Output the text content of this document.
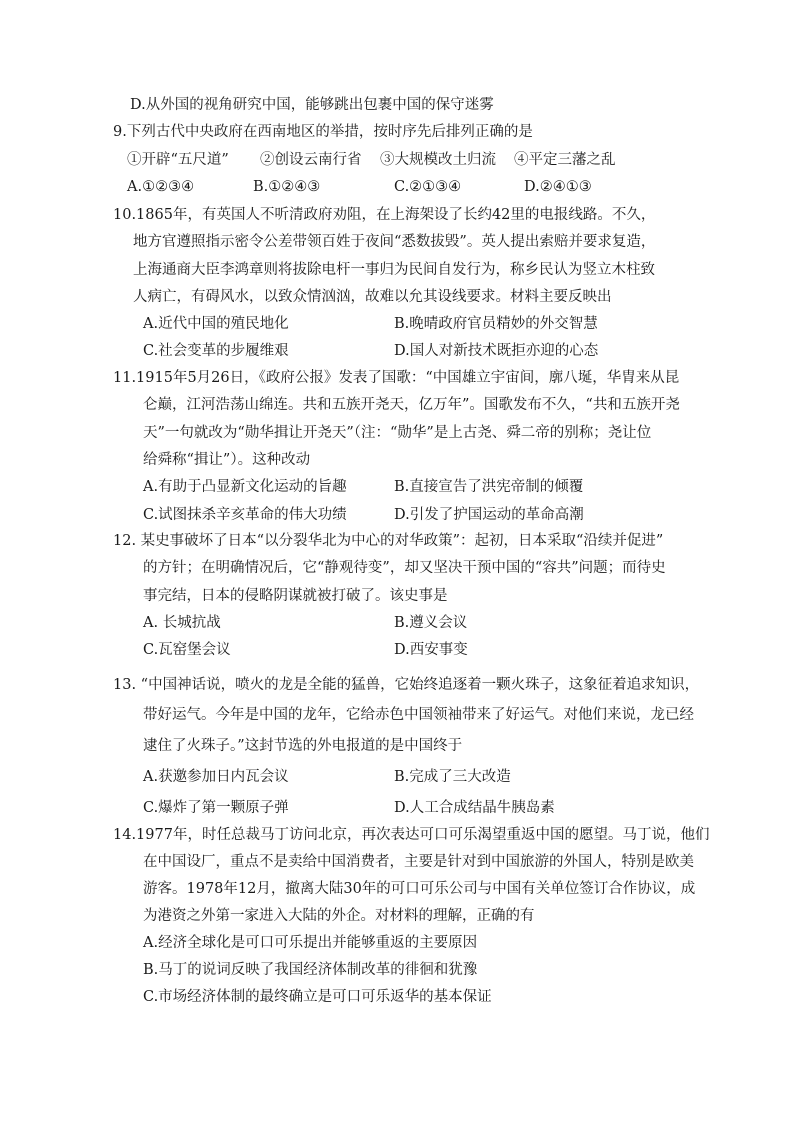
D.从外国的视角研究中国，能够跳出包裹中国的保守迷雾
9.下列古代中央政府在西南地区的举措，按时序先后排列正确的是
①开辟“五尺道” ②创设云南行省 ③大规模改土归流 ④平定三藩之乱
A.①②③④	B.①②④③	C.②①③④	D.②④①③
10.1865年，有英国人不听清政府劝阻，在上海架设了长约42里的电报线路。不久，
地方官遵照指示密令公差带领百姓于夜间“悉数拔毁”。英人提出索赔并要求复造，
上海通商大臣李鸿章则将拔除电杆一事归为民间自发行为，称乡民认为竖立木柱致
人病亡，有碍风水，以致众情汹汹，故难以允其设线要求。材料主要反映出
A.近代中国的殖民地化	B.晚晴政府官员精妙的外交智慧
C.社会变革的步履维艰	D.国人对新技术既拒亦迎的心态
11.1915年5月26日，《政府公报》发表了国歌：“中国雄立宇宙间，廓八埏，华胄来从昆
仑巅，江河浩荡山绵连。共和五族开尧天，亿万年”。国歌发布不久，“共和五族开尧
天”一句就改为“勋华揖让开尧天”（注：“勋华”是上古尧、舜二帝的别称；尧让位
给舜称“揖让”）。这种改动
A.有助于凸显新文化运动的旨趣	B.直接宣告了洪宪帝制的倾覆
C.试图抹杀辛亥革命的伟大功绩	D.引发了护国运动的革命高潮
12. 某史事破坏了日本“以分裂华北为中心的对华政策”：起初，日本采取“沿续并促进”
的方针；在明确情况后，它“静观待变”，却又坚决干预中国的“容共”问题；而待史
事完结，日本的侵略阴谋就被打破了。该史事是
A. 长城抗战	B.遵义会议
C.瓦窑堡会议	D.西安事变
13. “中国神话说，喷火的龙是全能的猛兽，它始终追逐着一颗火珠子，这象征着追求知识，
带好运气。今年是中国的龙年，它给赤色中国领袖带来了好运气。对他们来说，龙已经
逮住了火珠子。”这封节选的外电报道的是中国终于
A.获邀参加日内瓦会议	B.完成了三大改造
C.爆炸了第一颗原子弹	D.人工合成结晶牛胰岛素
14.1977年，时任总裁马丁访问北京，再次表达可口可乐渴望重返中国的愿望。马丁说，他们
在中国设厂，重点不是卖给中国消费者，主要是针对到中国旅游的外国人，特别是欧美
游客。1978年12月，撤离大陆30年的可口可乐公司与中国有关单位签订合作协议，成
为港资之外第一家进入大陆的外企。对材料的理解，正确的有
A.经济全球化是可口可乐提出并能够重返的主要原因
B.马丁的说词反映了我国经济体制改革的徘徊和犹豫
C.市场经济体制的最终确立是可口可乐返华的基本保证
